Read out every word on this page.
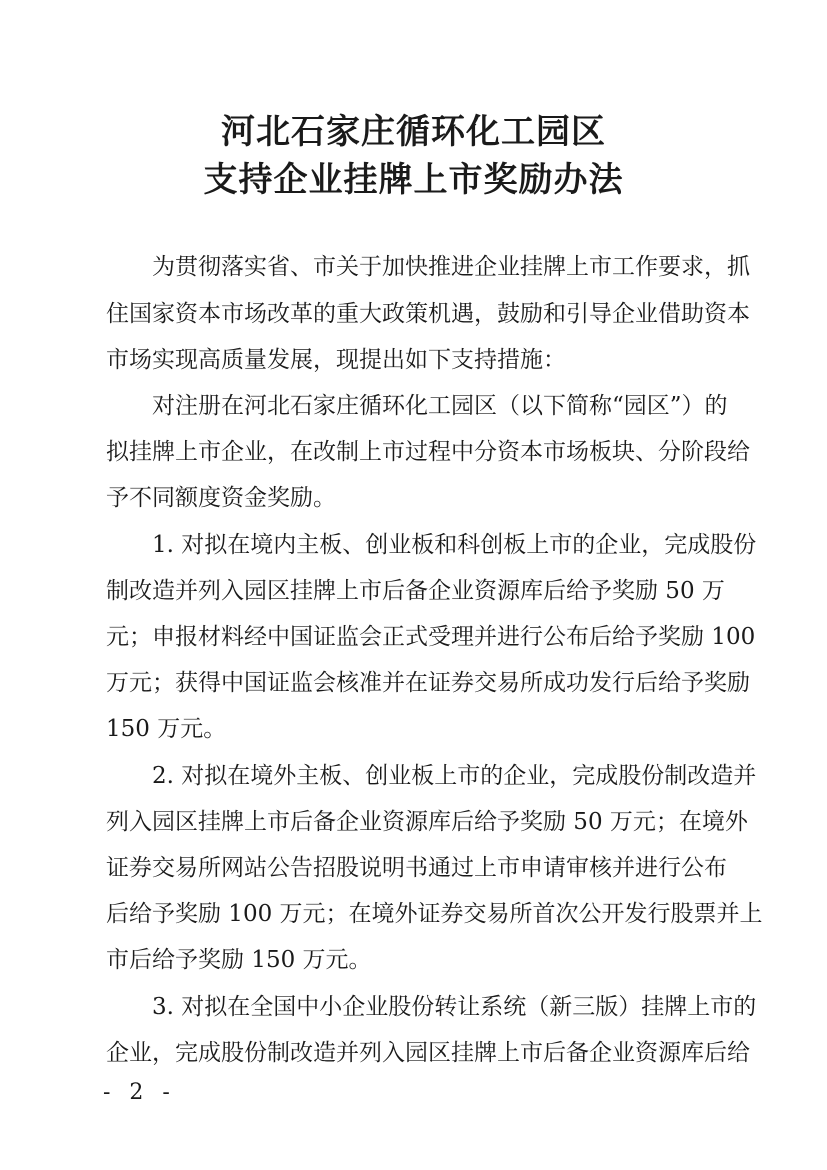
河北石家庄循环化工园区
支持企业挂牌上市奖励办法
为贯彻落实省、市关于加快推进企业挂牌上市工作要求，抓
住国家资本市场改革的重大政策机遇，鼓励和引导企业借助资本
市场实现高质量发展，现提出如下支持措施：
对注册在河北石家庄循环化工园区（以下简称“园区”）的
拟挂牌上市企业，在改制上市过程中分资本市场板块、分阶段给
予不同额度资金奖励。
1. 对拟在境内主板、创业板和科创板上市的企业，完成股份
制改造并列入园区挂牌上市后备企业资源库后给予奖励 50 万
元；申报材料经中国证监会正式受理并进行公布后给予奖励 100
万元；获得中国证监会核准并在证券交易所成功发行后给予奖励
150 万元。
2. 对拟在境外主板、创业板上市的企业，完成股份制改造并
列入园区挂牌上市后备企业资源库后给予奖励 50 万元；在境外
证券交易所网站公告招股说明书通过上市申请审核并进行公布
后给予奖励 100 万元；在境外证券交易所首次公开发行股票并上
市后给予奖励 150 万元。
3. 对拟在全国中小企业股份转让系统（新三版）挂牌上市的
企业，完成股份制改造并列入园区挂牌上市后备企业资源库后给
- 2 -
